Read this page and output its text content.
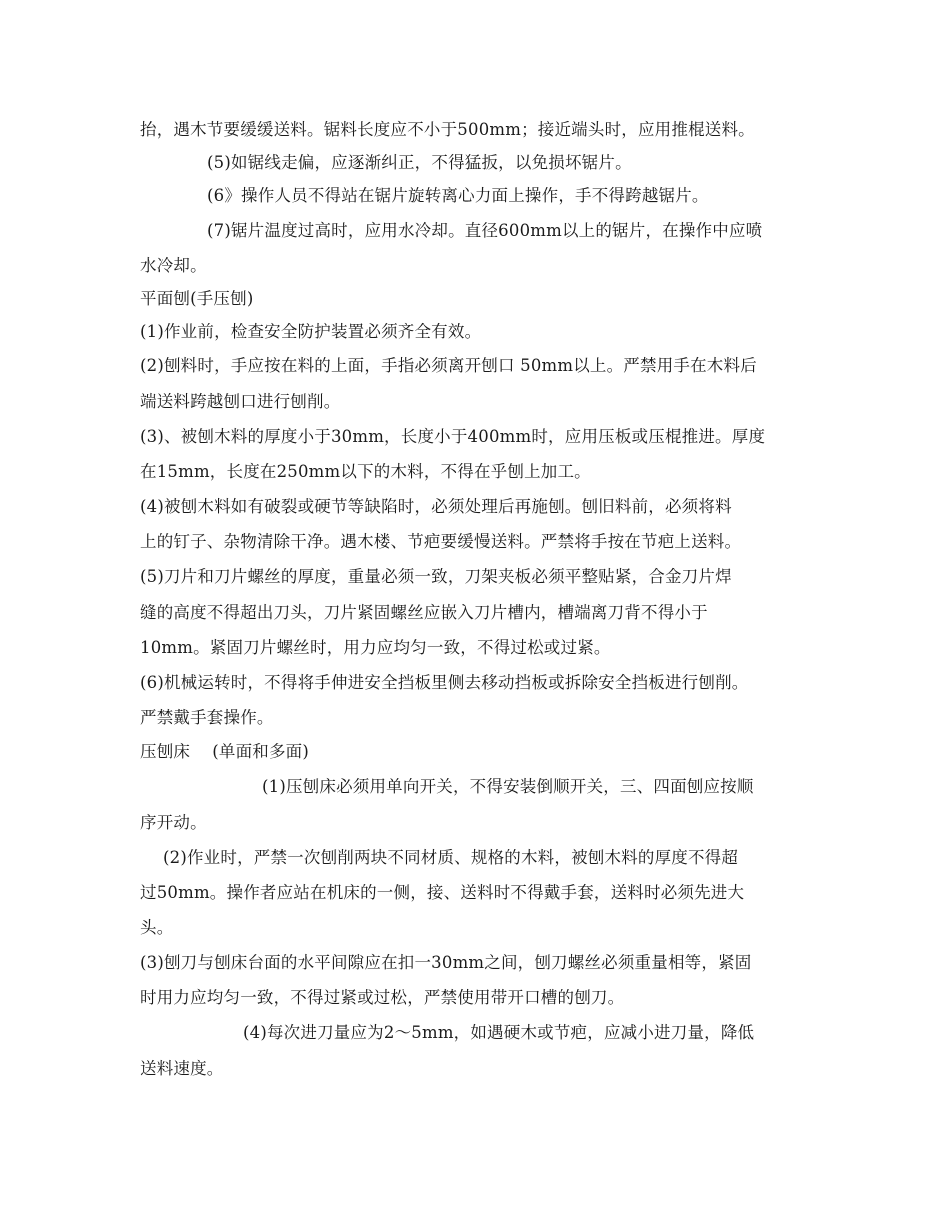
抬，遇木节要缓缓送料。锯料长度应不小于500mm；接近端头时，应用推棍送料。
(5)如锯线走偏，应逐渐纠正，不得猛扳，以免损坏锯片。
(6》操作人员不得站在锯片旋转离心力面上操作，手不得跨越锯片。
(7)锯片温度过高时，应用水冷却。直径600mm以上的锯片，在操作中应喷
水冷却。
平面刨(手压刨)
(1)作业前，检查安全防护装置必须齐全有效。
(2)刨料时，手应按在料的上面，手指必须离开刨口 50mm以上。严禁用手在木料后
端送料跨越刨口进行刨削。
(3)、被刨木料的厚度小于30mm，长度小于400mm时，应用压板或压棍推进。厚度
在15mm，长度在250mm以下的木料，不得在乎刨上加工。
(4)被刨木料如有破裂或硬节等缺陷时，必须处理后再施刨。刨旧料前，必须将料
上的钉子、杂物清除干净。遇木楼、节疤要缓慢送料。严禁将手按在节疤上送料。
(5)刀片和刀片螺丝的厚度，重量必须一致，刀架夹板必须平整贴紧，合金刀片焊
缝的高度不得超出刀头，刀片紧固螺丝应嵌入刀片槽内，槽端离刀背不得小于
10mm。紧固刀片螺丝时，用力应均匀一致，不得过松或过紧。
(6)机械运转时，不得将手伸进安全挡板里侧去移动挡板或拆除安全挡板进行刨削。
严禁戴手套操作。
压刨床　 (单面和多面)
(1)压刨床必须用单向开关，不得安装倒顺开关，三、四面刨应按顺
序开动。
(2)作业时，严禁一次刨削两块不同材质、规格的木料，被刨木料的厚度不得超
过50mm。操作者应站在机床的一侧，接、送料时不得戴手套，送料时必须先进大
头。
(3)刨刀与刨床台面的水平间隙应在扣一30mm之间，刨刀螺丝必须重量相等，紧固
时用力应均匀一致，不得过紧或过松，严禁使用带开口槽的刨刀。
(4)每次进刀量应为2～5mm，如遇硬木或节疤，应减小进刀量，降低
送料速度。
